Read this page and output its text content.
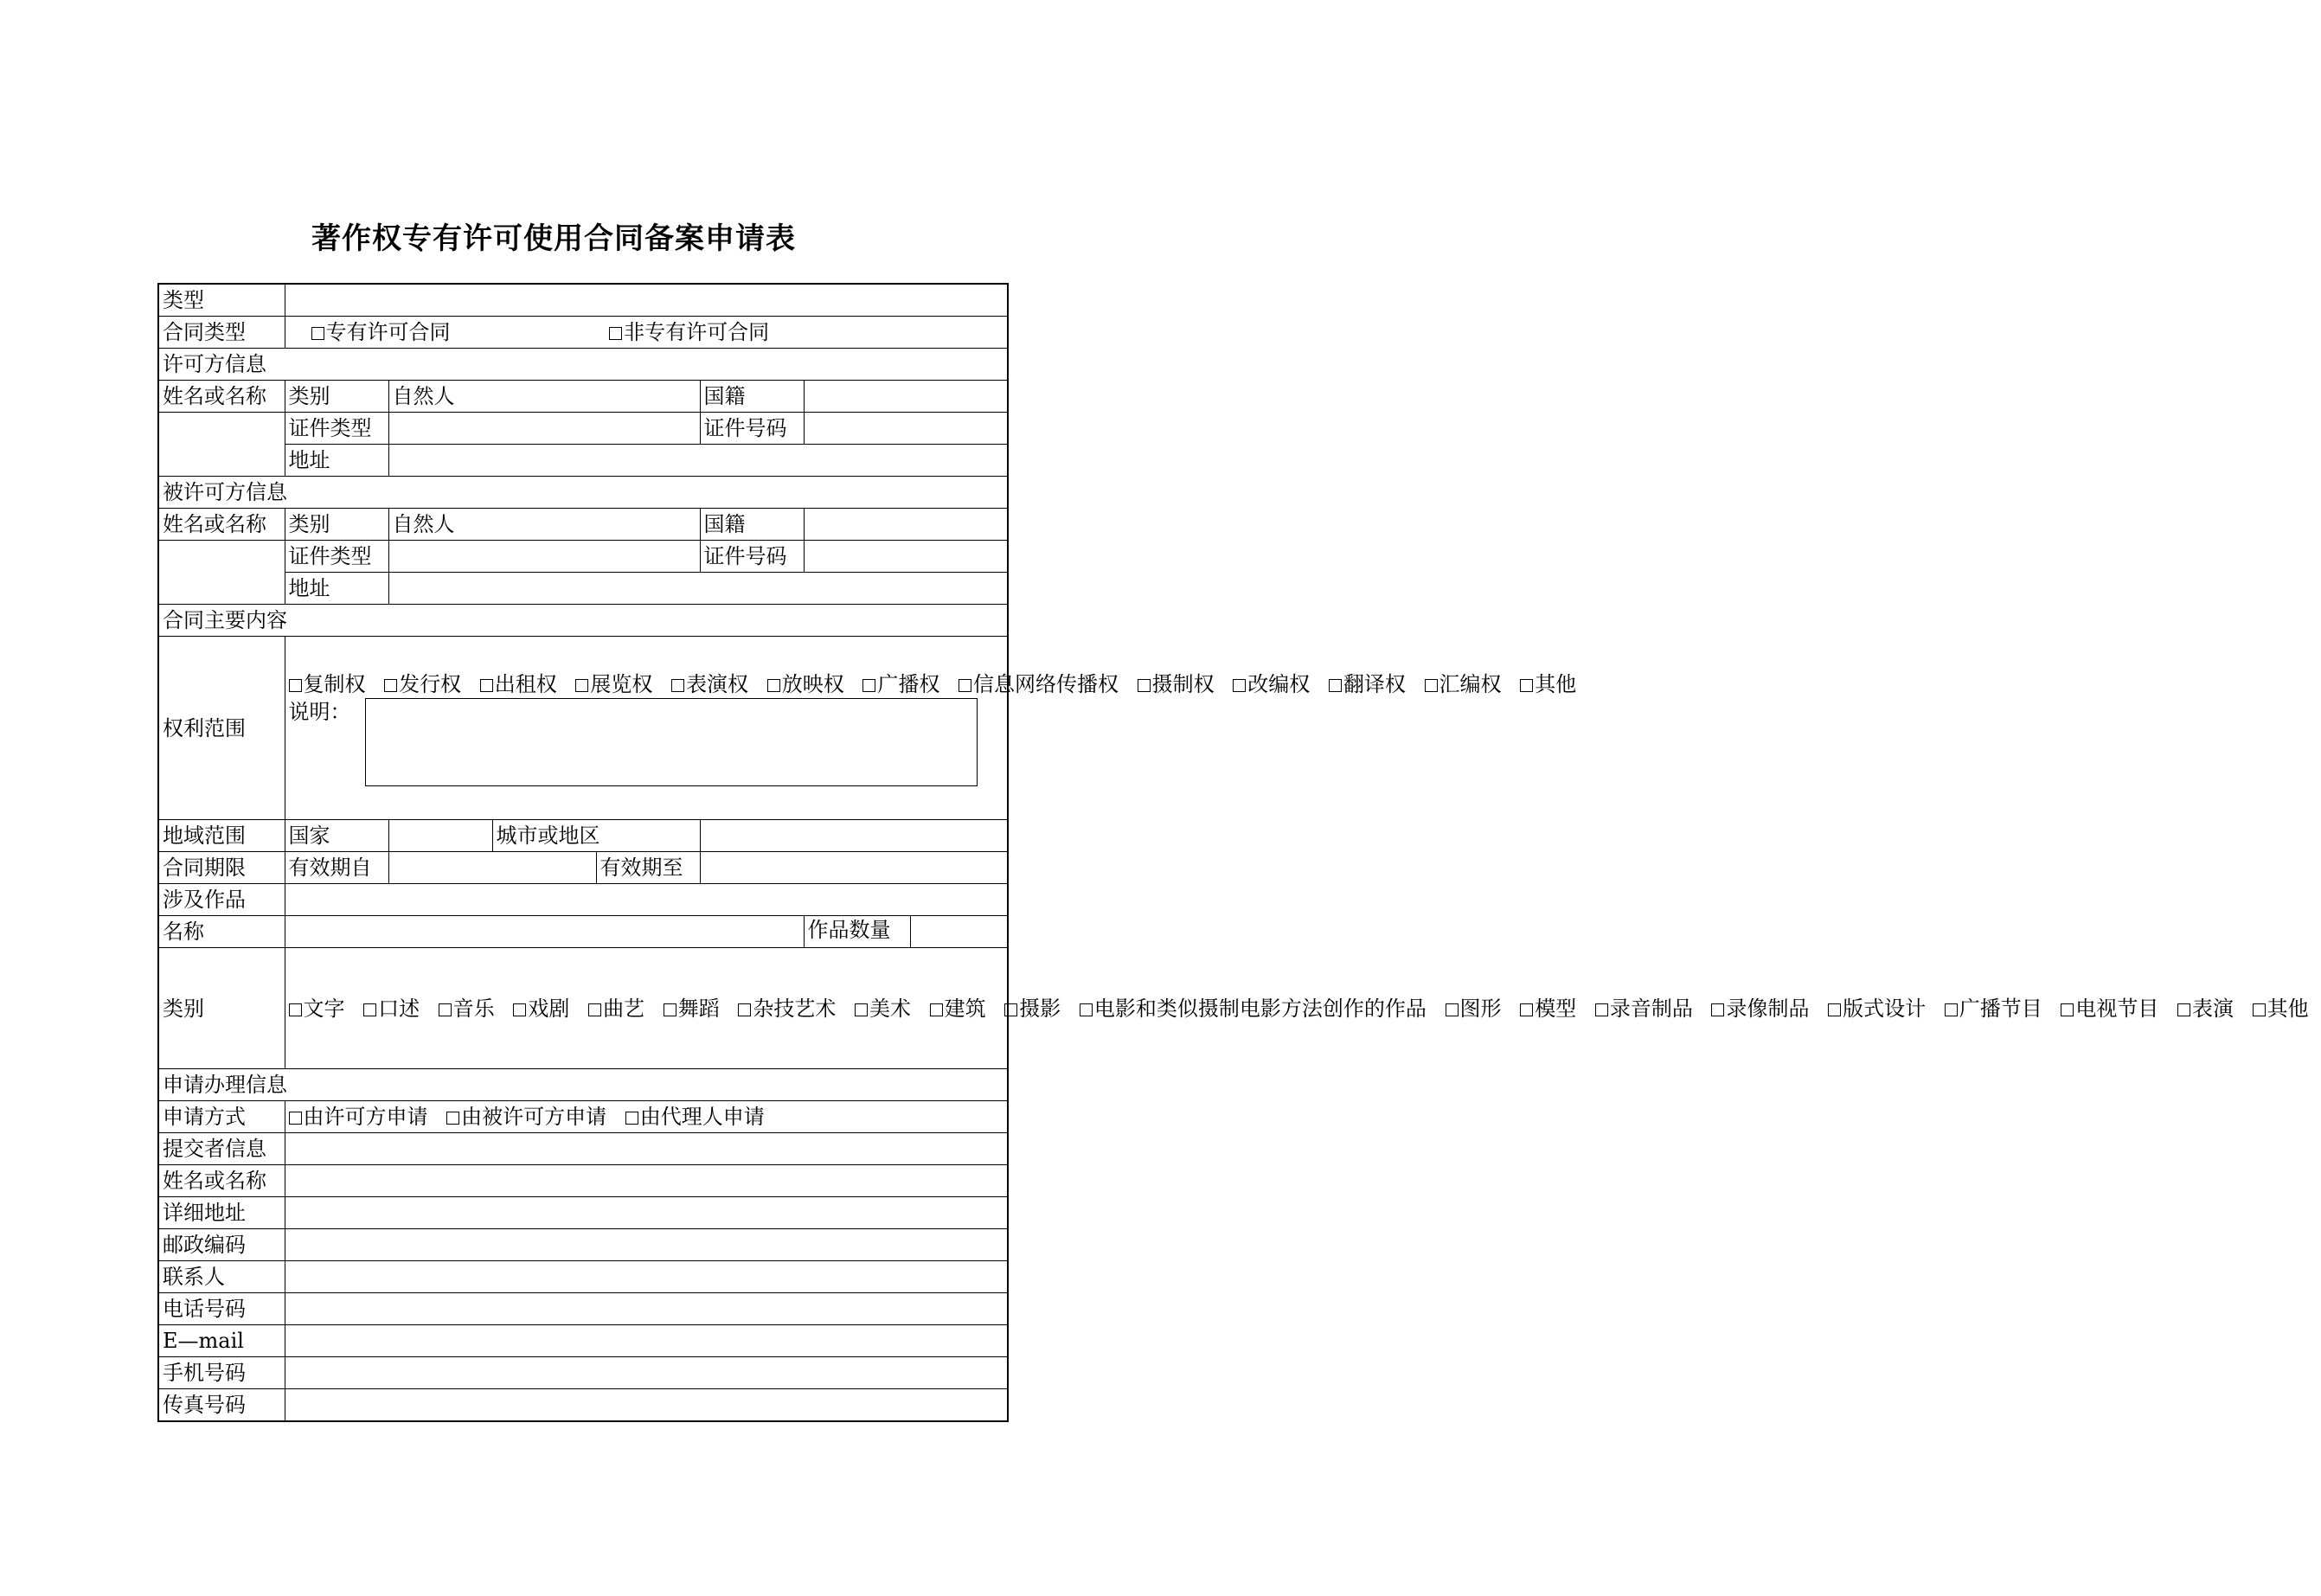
著作权专有许可使用合同备案申请表
类型						
合同类型	专有许可合同 非专有许可合同					
许可方信息						
姓名或名称	类别	自然人			国籍	
	证件类型				证件号码	
	地址					
被许可方信息						
姓名或名称	类别	自然人			国籍	
	证件类型				证件号码	
	地址					
合同主要内容						
权利范围	复制权 发行权 出租权 展览权 表演权 放映权 广播权 信息网络传播权 摄制权 改编权 翻译权 汇编权 其他
说明：					

地域范围	国家		城市或地区			
合同期限	有效期自			有效期至		
涉及作品						
名称						作品数量

类别	文字 口述 音乐 戏剧 曲艺 舞蹈 杂技艺术 美术 建筑 摄影 电影和类似摄制电影方法创作的作品 图形 模型 录音制品 录像制品 版式设计 广播节目 电视节目 表演 其他					
申请办理信息						
申请方式	由许可方申请 由被许可方申请 由代理人申请					
提交者信息						
姓名或名称						
详细地址						
邮政编码						
联系人						
电话号码						
E—mail						
手机号码						
传真号码						
